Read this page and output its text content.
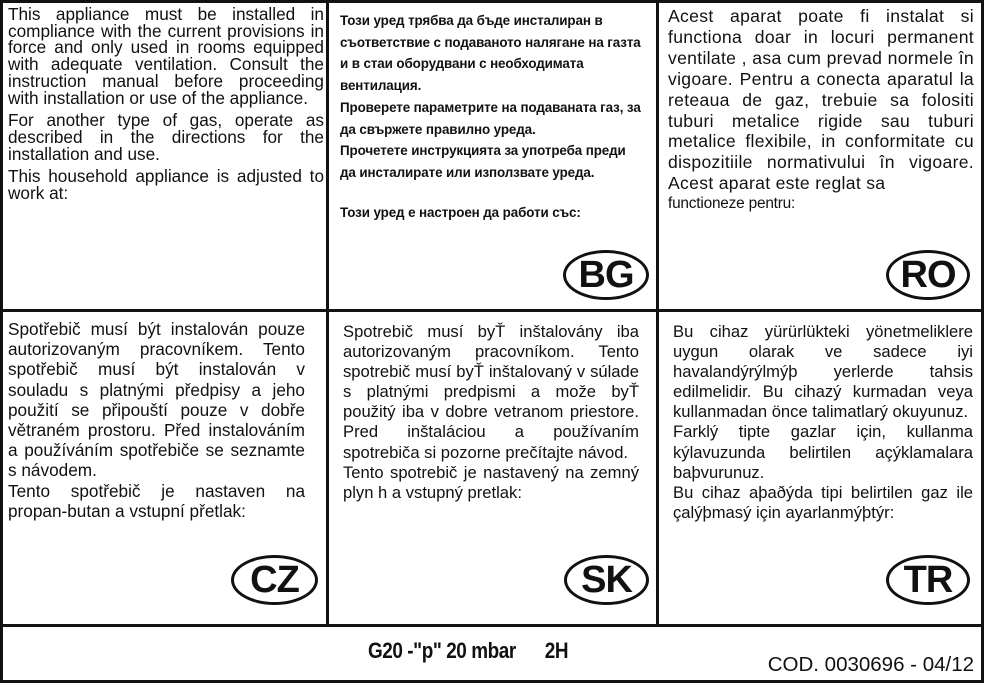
This appliance must be installed in compliance with the current provisions in force and only used in rooms equipped with adequate ventilation. Consult the instruction manual before proceeding with installation or use of the appliance.

For another type of gas, operate as described in the directions for the installation and use.

This household appliance is adjusted to work at:

Този уред трябва да бъде инсталиран в съответствие с подаваното налягане на газта и в стаи оборудвани с необходимата вентилация.

Проверете параметрите на подаваната газ, за да свържете правилно уреда.

Прочетете инструкцията за употреба преди да инсталирате или използвате уреда.

Този уред е настроен да работи със:

BG

Acest aparat poate fi instalat si functiona doar in locuri permanent ventilate , asa cum prevad normele în vigoare. Pentru a conecta aparatul la reteaua de gaz, trebuie sa folositi tuburi metalice rigide sau tuburi metalice flexibile, in conformitate cu dispozitiile normativului în vigoare. Acest aparat este reglat sa

functioneze pentru:

RO

Spotřebič musí být instalován pouze autorizovaným pracovníkem. Tento spotřebič musí být instalován v souladu s platnými předpisy a jeho použití se připouští pouze v dobře větraném prostoru. Před instalováním a používáním spotřebiče se seznamte s návodem.

Tento spotřebič je nastaven na propan-butan a vstupní přetlak:

CZ

Spotrebič musí byŤ inštalovány iba autorizovaným pracovníkom. Tento spotrebič musí byŤ inštalovaný v súlade s platnými predpismi a može byŤ použitý iba v dobre vetranom priestore. Pred inštaláciou a používaním spotrebiča si pozorne prečítajte návod.

Tento spotrebič je nastavený na zemný plyn h a vstupný pretlak:

SK

Bu cihaz yürürlükteki yönetmeliklere uygun olarak ve sadece iyi havalandýrýlmýþ yerlerde tahsis edilmelidir. Bu cihazý kurmadan veya kullanmadan önce talimatlarý okuyunuz.

Farklý tipte gazlar için, kullanma kýlavuzunda belirtilen açýklamalara baþvurunuz.

Bu cihaz aþaðýda tipi belirtilen gaz ile çalýþmasý için ayarlanmýþtýr:

TR
G20 -"p" 20 mbar 2H
COD. 0030696 - 04/12
